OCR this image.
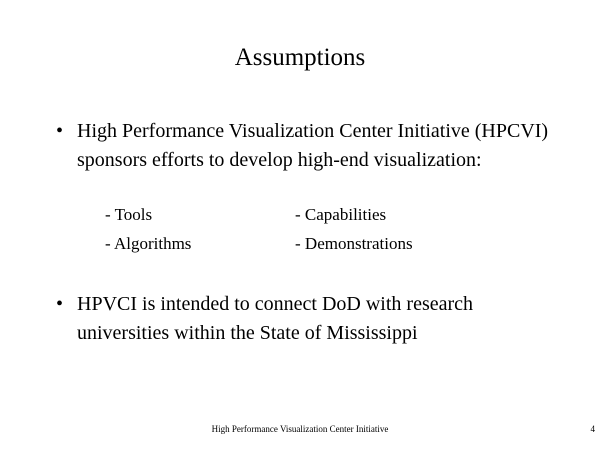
Assumptions
• High Performance Visualization Center Initiative (HPCVI) sponsors efforts to develop high-end visualization:
- Tools
- Algorithms
- Capabilities
- Demonstrations
• HPVCI is intended to connect DoD with research universities within the State of Mississippi
High Performance Visualization Center Initiative	4
